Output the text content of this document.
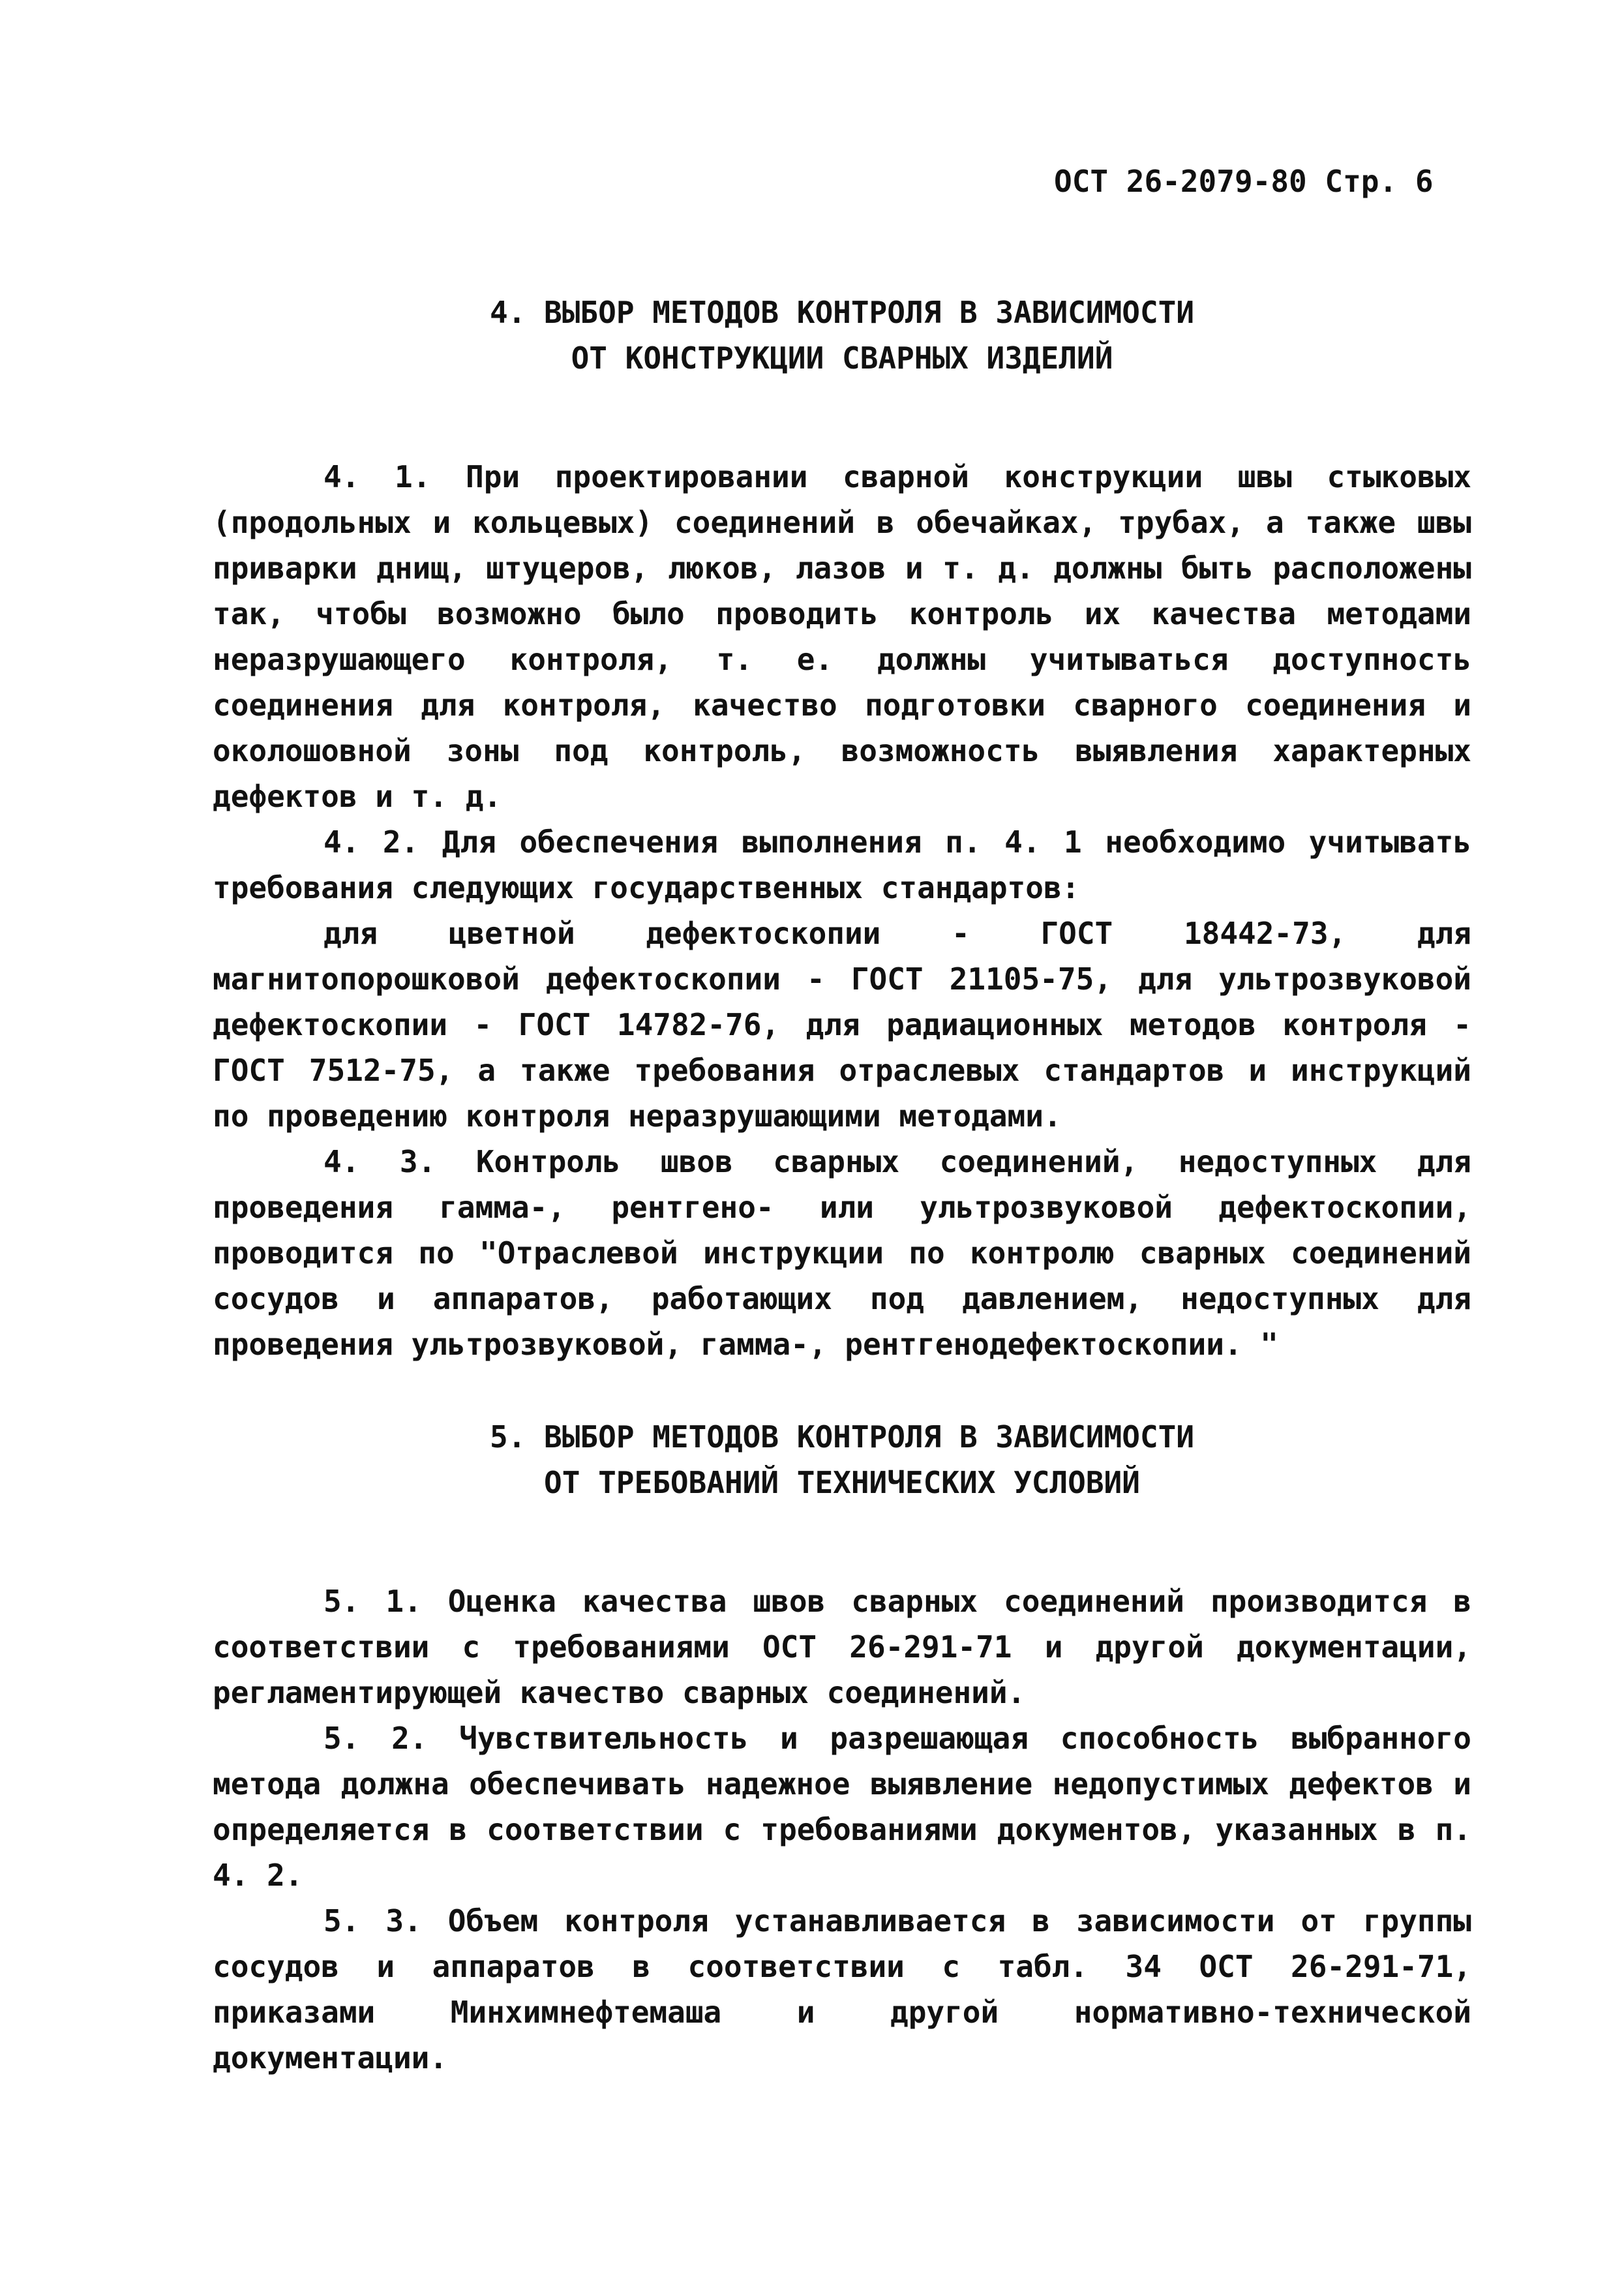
ОСТ 26-2079-80 Стр. 6
4. ВЫБОР МЕТОДОВ КОНТРОЛЯ В ЗАВИСИМОСТИ
ОТ КОНСТРУКЦИИ СВАРНЫХ ИЗДЕЛИЙ

4. 1. При проектировании сварной конструкции швы стыковых (продольных и кольцевых) соединений в обечайках, трубах, а также швы приварки днищ, штуцеров, люков, лазов и т. д. должны быть расположены так, чтобы возможно было проводить контроль их качества методами неразрушающего контроля, т. е. должны учитываться доступность соединения для контроля, качество подготовки сварного соединения и околошовной зоны под контроль, возможность выявления характерных дефектов и т. д.

4. 2. Для обеспечения выполнения п. 4. 1 необходимо учитывать требования следующих государственных стандартов:

для цветной дефектоскопии - ГОСТ 18442-73, для магнитопорошковой дефектоскопии - ГОСТ 21105-75, для ультрозвуковой дефектоскопии - ГОСТ 14782-76, для радиационных методов контроля - ГОСТ 7512-75, а также требования отраслевых стандартов и инструкций по проведению контроля неразрушающими методами.

4. 3. Контроль швов сварных соединений, недоступных для проведения гамма-, рентгено- или ультрозвуковой дефектоскопии, проводится по "Отраслевой инструкции по контролю сварных соединений сосудов и аппаратов, работающих под давлением, недоступных для проведения ультрозвуковой, гамма-, рентгенодефектоскопии. "

5. ВЫБОР МЕТОДОВ КОНТРОЛЯ В ЗАВИСИМОСТИ
ОТ ТРЕБОВАНИЙ ТЕХНИЧЕСКИХ УСЛОВИЙ

5. 1. Оценка качества швов сварных соединений производится в соответствии с требованиями ОСТ 26-291-71 и другой документации, регламентирующей качество сварных соединений.

5. 2. Чувствительность и разрешающая способность выбранного метода должна обеспечивать надежное выявление недопустимых дефектов и определяется в соответствии с требованиями документов, указанных в п. 4. 2.

5. 3. Объем контроля устанавливается в зависимости от группы сосудов и аппаратов в соответствии с табл. 34 ОСТ 26-291-71, приказами Минхимнефтемаша и другой нормативно-технической документации.
